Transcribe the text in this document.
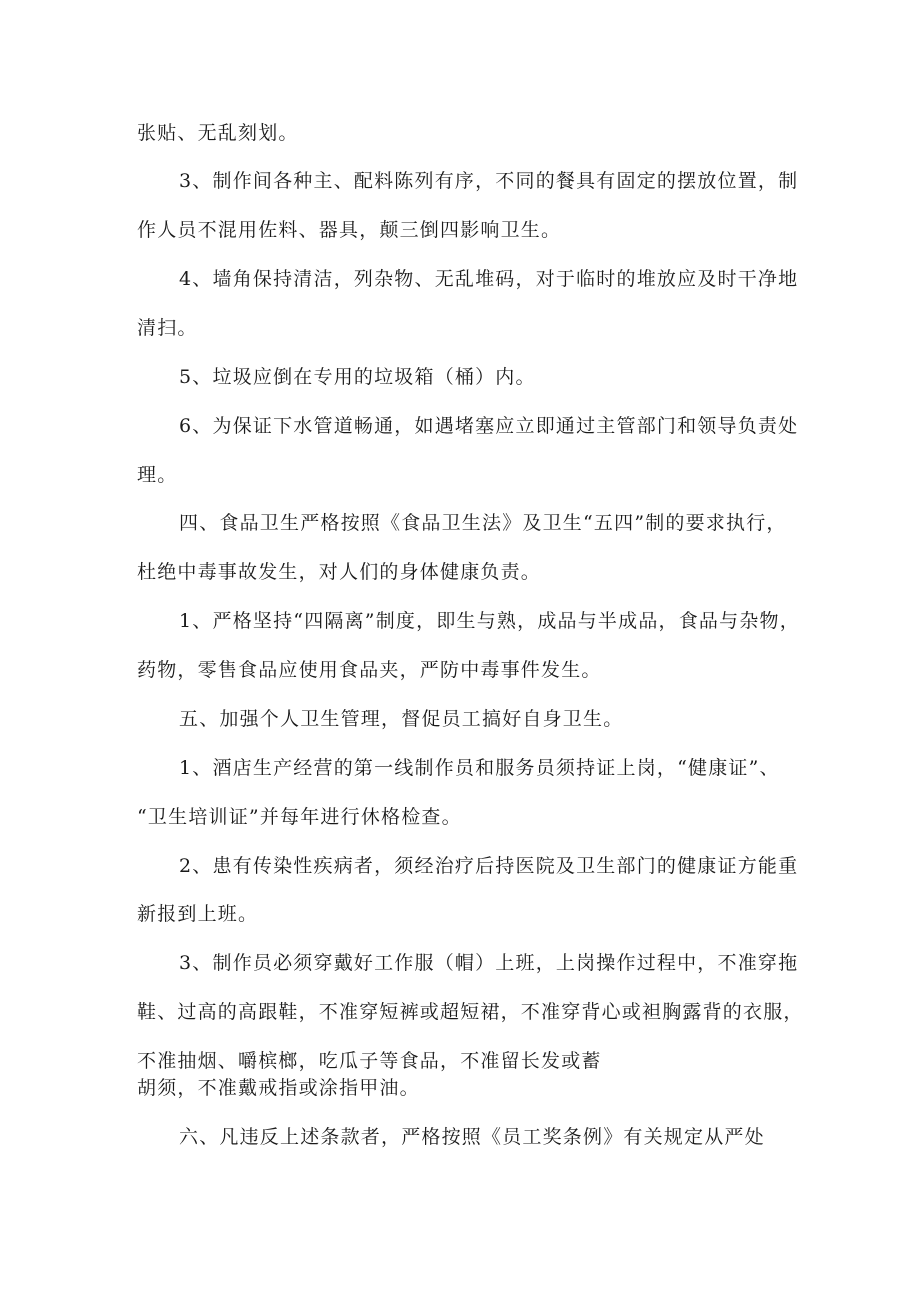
张贴、无乱刻划。
3、制作间各种主、配料陈列有序，不同的餐具有固定的摆放位置，制
作人员不混用佐料、器具，颠三倒四影响卫生。
4、墙角保持清洁，列杂物、无乱堆码，对于临时的堆放应及时干净地
清扫。
5、垃圾应倒在专用的垃圾箱（桶）内。
6、为保证下水管道畅通，如遇堵塞应立即通过主管部门和领导负责处
理。
四、食品卫生严格按照《食品卫生法》及卫生“五四”制的要求执行，
杜绝中毒事故发生，对人们的身体健康负责。
1、严格坚持“四隔离”制度，即生与熟，成品与半成品，食品与杂物，
药物，零售食品应使用食品夹，严防中毒事件发生。
五、加强个人卫生管理，督促员工搞好自身卫生。
1、酒店生产经营的第一线制作员和服务员须持证上岗，“健康证”、
“卫生培训证”并每年进行休格检查。
2、患有传染性疾病者，须经治疗后持医院及卫生部门的健康证方能重
新报到上班。
3、制作员必须穿戴好工作服（帽）上班，上岗操作过程中，不准穿拖
鞋、过高的高跟鞋，不准穿短裤或超短裙，不准穿背心或袒胸露背的衣服，
不准抽烟、嚼槟榔，吃瓜子等食品，不准留长发或蓄
胡须，不准戴戒指或涂指甲油。
六、凡违反上述条款者，严格按照《员工奖条例》有关规定从严处
